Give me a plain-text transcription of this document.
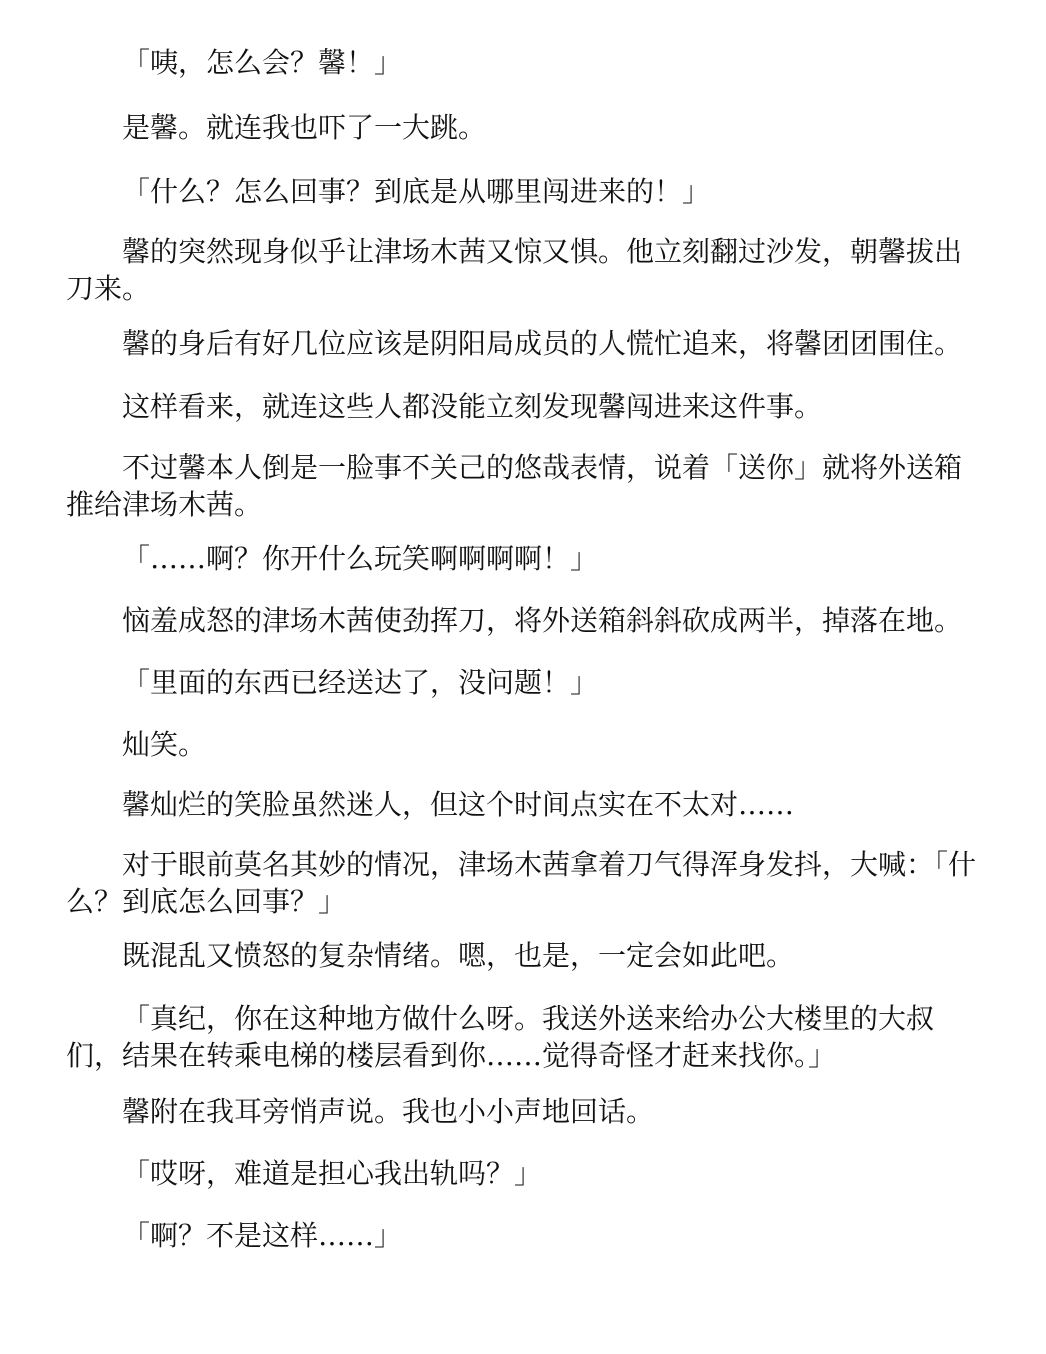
「咦，怎么会？馨！」

是馨。就连我也吓了一大跳。

「什么？怎么回事？到底是从哪里闯进来的！」

馨的突然现身似乎让津场木茜又惊又惧。他立刻翻过沙发，朝馨拔出刀来。

馨的身后有好几位应该是阴阳局成员的人慌忙追来，将馨团团围住。

这样看来，就连这些人都没能立刻发现馨闯进来这件事。

不过馨本人倒是一脸事不关己的悠哉表情，说着「送你」就将外送箱推给津场木茜。

「……啊？你开什么玩笑啊啊啊啊！」

恼羞成怒的津场木茜使劲挥刀，将外送箱斜斜砍成两半，掉落在地。

「里面的东西已经送达了，没问题！」

灿笑。

馨灿烂的笑脸虽然迷人，但这个时间点实在不太对……

对于眼前莫名其妙的情况，津场木茜拿着刀气得浑身发抖，大喊：「什么？到底怎么回事？」

既混乱又愤怒的复杂情绪。嗯，也是，一定会如此吧。

「真纪，你在这种地方做什么呀。我送外送来给办公大楼里的大叔们，结果在转乘电梯的楼层看到你……觉得奇怪才赶来找你。」

馨附在我耳旁悄声说。我也小小声地回话。

「哎呀，难道是担心我出轨吗？」

「啊？不是这样……」
